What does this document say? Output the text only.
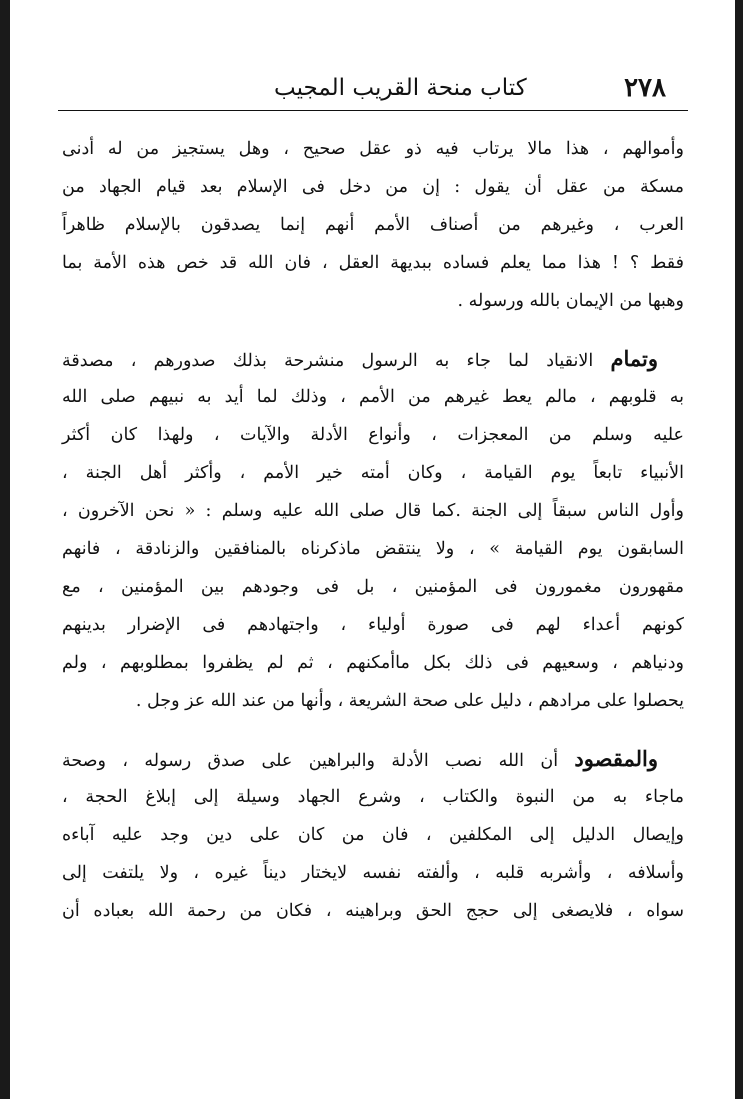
٢٧٨
كتاب منحة القريب المجيب
وأموالهم ، هذا مالا يرتاب فيه ذو عقل صحيح ، وهل يستجيز من له أدنى
مسكة من عقل أن يقول : إن من دخل فى الإسلام بعد قيام الجهاد من
العرب ، وغيرهم من أصناف الأمم أنهم إنما يصدقون بالإسلام ظاهراً
فقط ؟ ! هذا مما يعلم فساده ببديهة العقل ، فان الله قد خص هذه الأمة بما
وهبها من الإيمان بالله ورسوله .
وتمام الانقياد لما جاء به الرسول منشرحة بذلك صدورهم ، مصدقة
به قلوبهم ، مالم يعط غيرهم من الأمم ، وذلك لما أيد به نبيهم صلى الله
عليه وسلم من المعجزات ، وأنواع الأدلة والآيات ، ولهذا كان أكثر
الأنبياء تابعاً يوم القيامة ، وكان أمته خير الأمم ، وأكثر أهل الجنة ،
وأول الناس سبقاً إلى الجنة .كما قال صلى الله عليه وسلم : « نحن الآخرون ،
السابقون يوم القيامة » ، ولا ينتقض ماذكرناه بالمنافقين والزنادقة ، فانهم
مقهورون مغمورون فى المؤمنين ، بل فى وجودهم بين المؤمنين ، مع
كونهم أعداء لهم فى صورة أولياء ، واجتهادهم فى الإضرار بدينهم
ودنياهم ، وسعيهم فى ذلك بكل ماأمكنهم ، ثم لم يظفروا بمطلوبهم ، ولم
يحصلوا على مرادهم ، دليل على صحة الشريعة ، وأنها من عند الله عز وجل .
والمقصود أن الله نصب الأدلة والبراهين على صدق رسوله ، وصحة
ماجاء به من النبوة والكتاب ، وشرع الجهاد وسيلة إلى إبلاغ الحجة ،
وإيصال الدليل إلى المكلفين ، فان من كان على دين وجد عليه آباءه
وأسلافه ، وأشربه قلبه ، وألفته نفسه لايختار ديناً غيره ، ولا يلتفت إلى
سواه ، فلايصغى إلى حجج الحق وبراهينه ، فكان من رحمة الله بعباده أن
